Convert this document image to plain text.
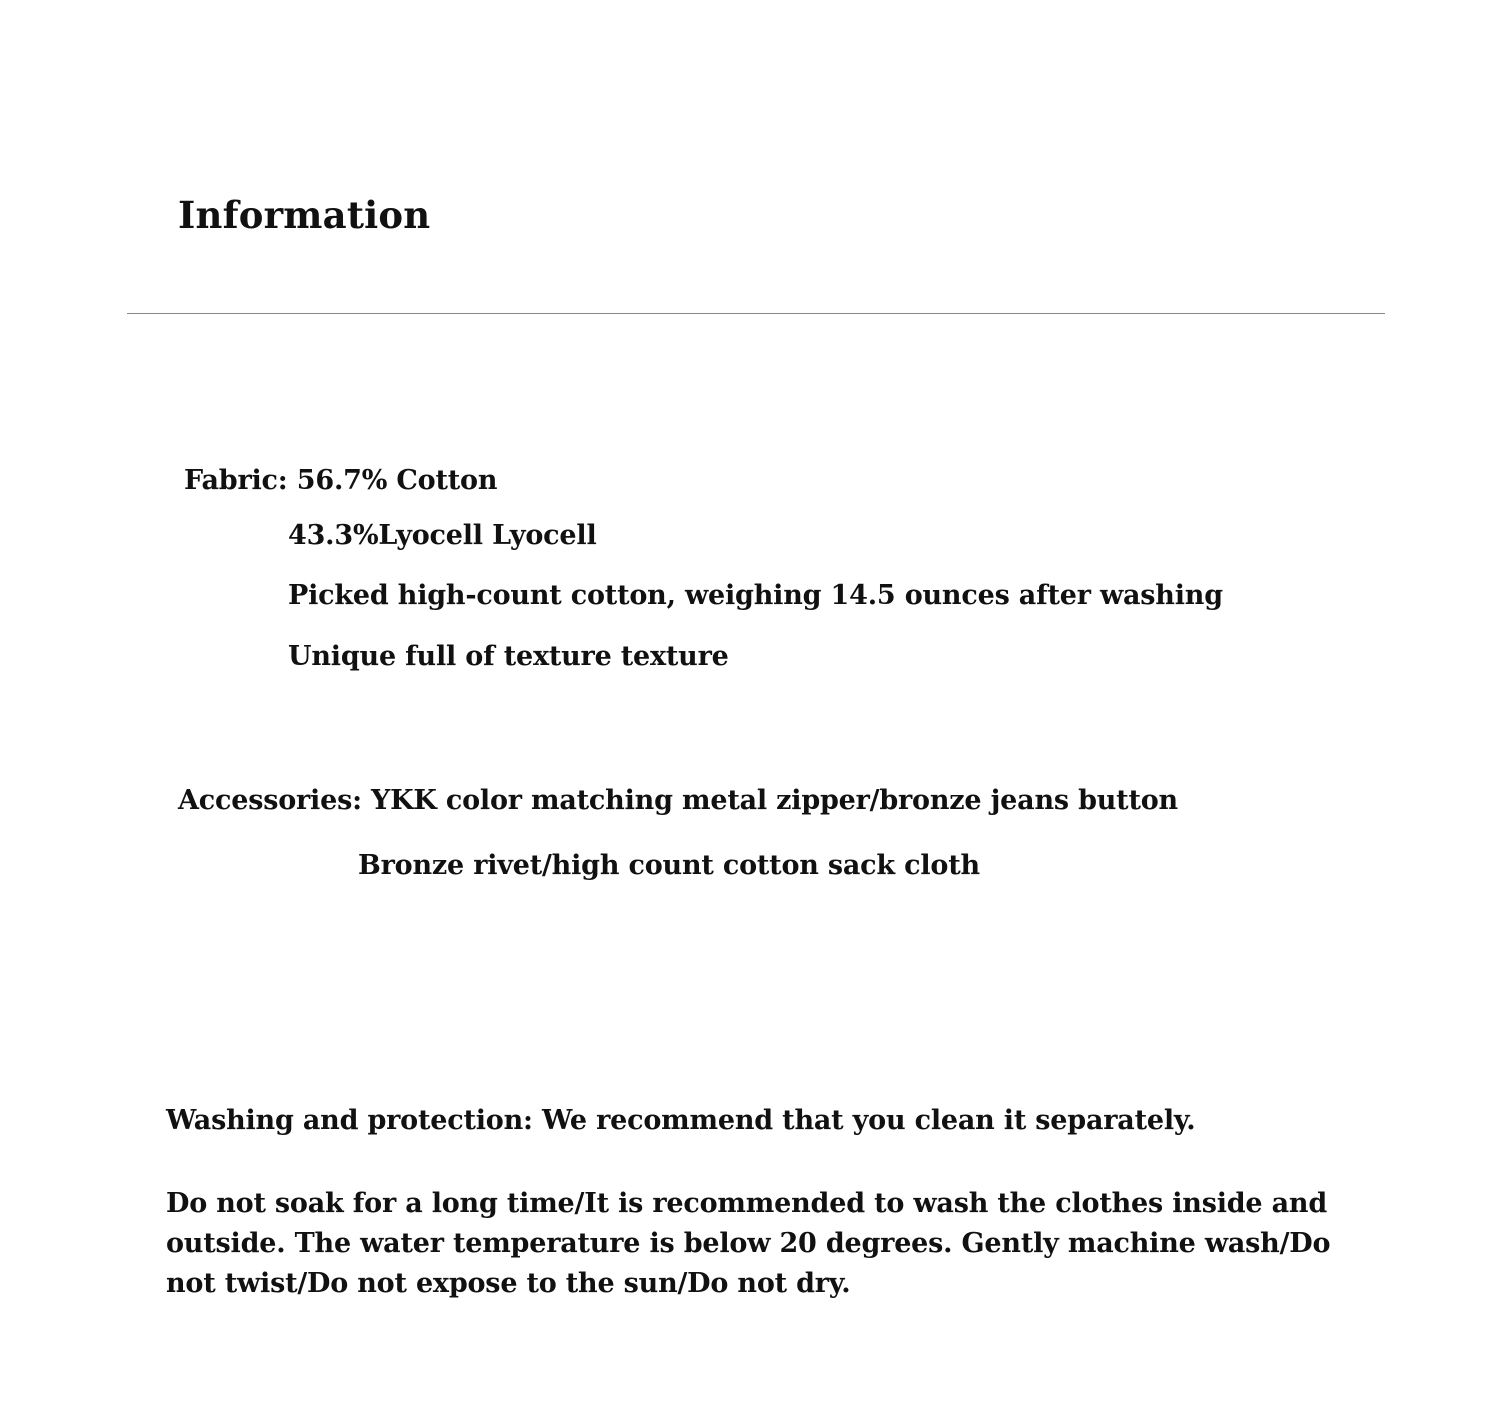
Information
Fabric: 56.7% Cotton
43.3%Lyocell Lyocell
Picked high-count cotton, weighing 14.5 ounces after washing
Unique full of texture texture
Accessories: YKK color matching metal zipper/bronze jeans button
Bronze rivet/high count cotton sack cloth
Washing and protection: We recommend that you clean it separately.

Do not soak for a long time/It is recommended to wash the clothes inside and outside. The water temperature is below 20 degrees. Gently machine wash/Do not twist/Do not expose to the sun/Do not dry.
